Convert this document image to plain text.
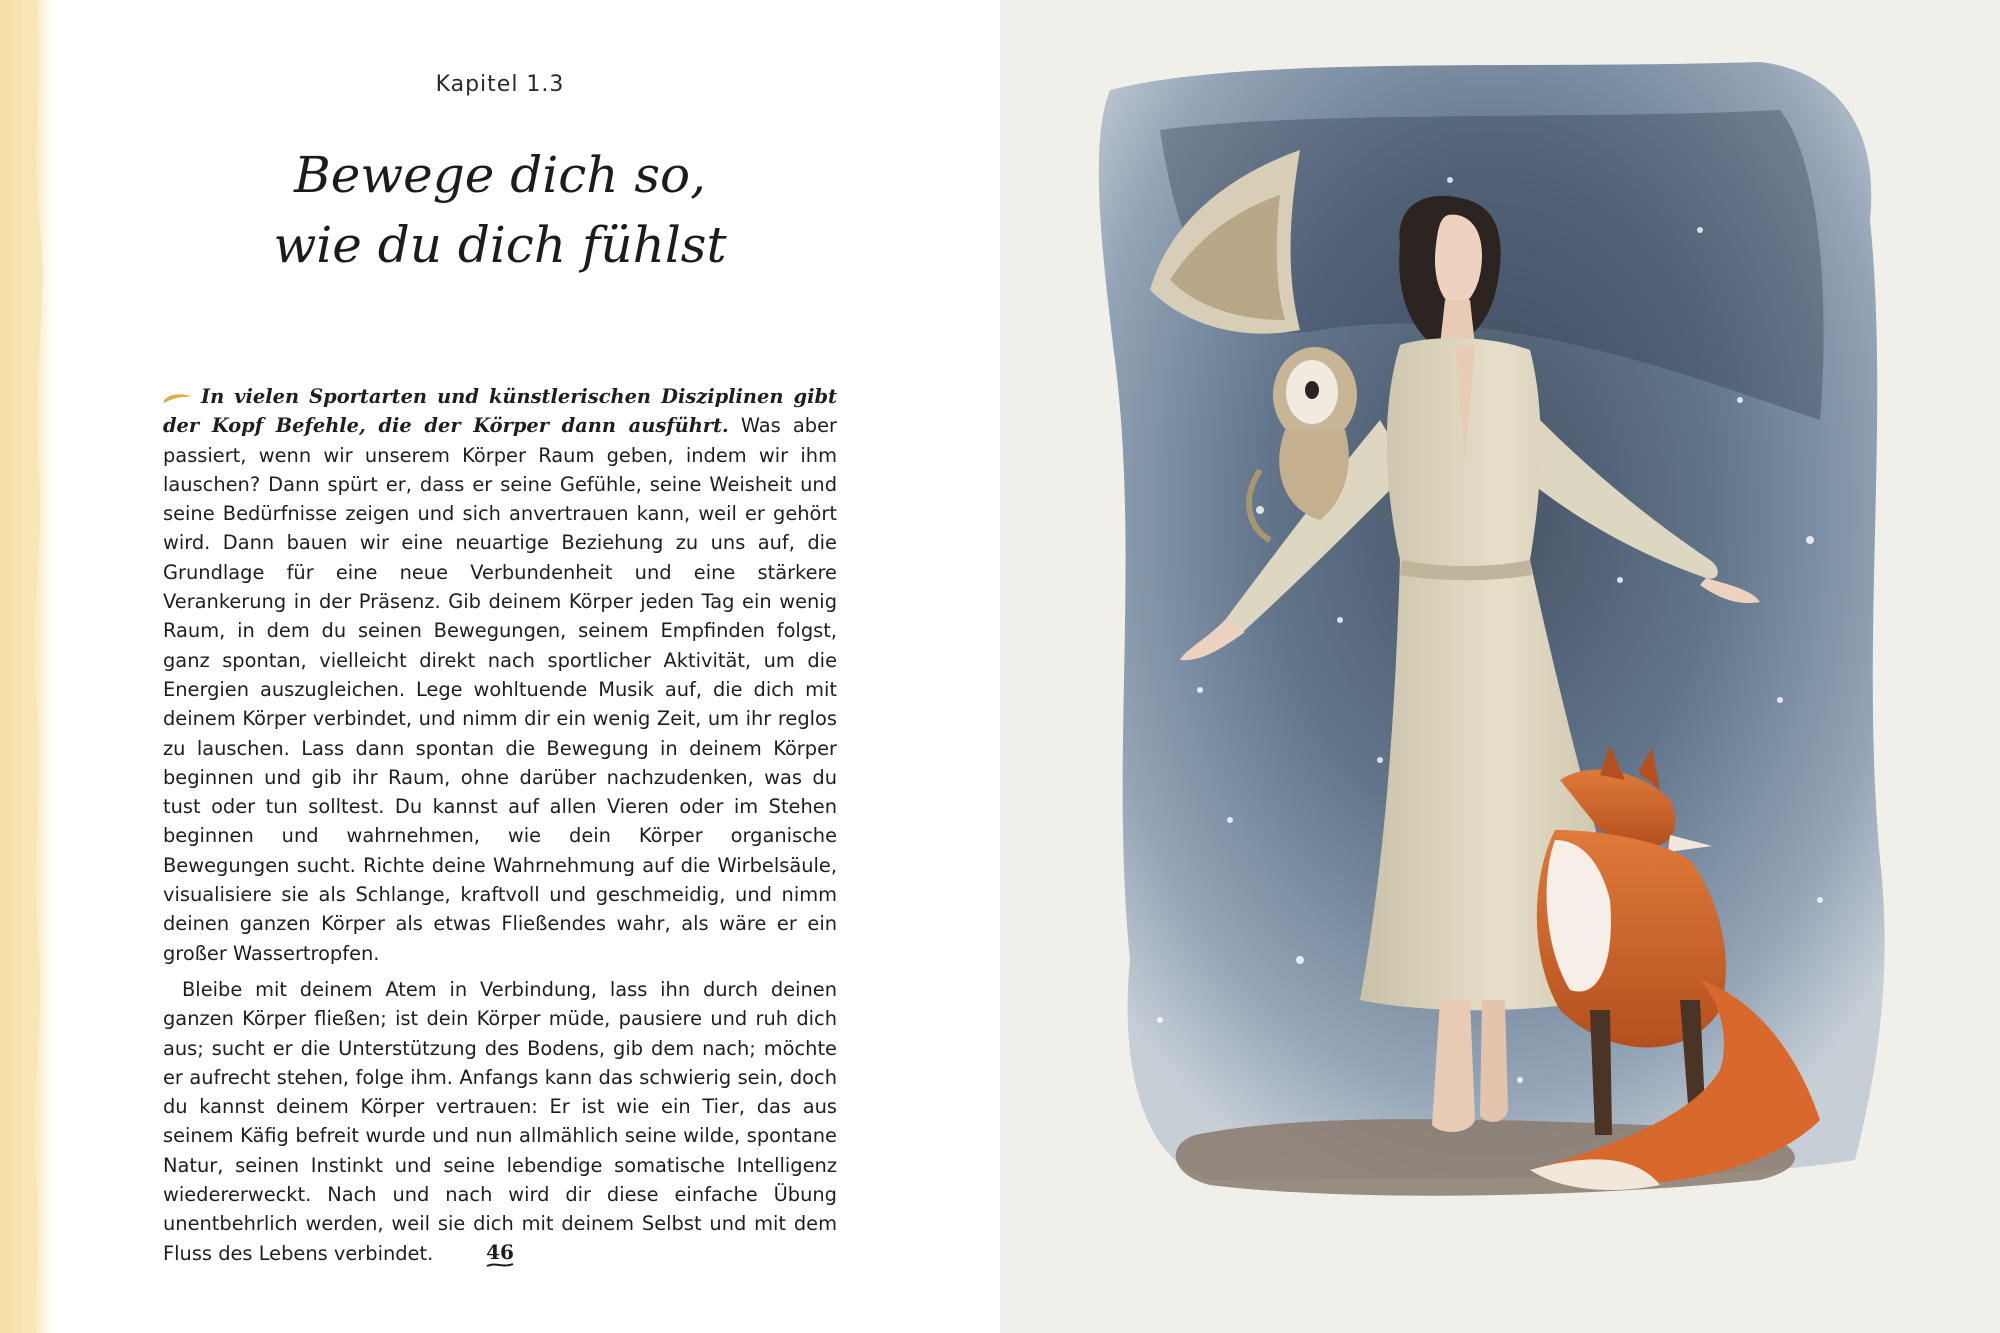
Kapitel 1.3
Bewege dich so,
wie du dich fühlst

In vielen Sportarten und künstlerischen Disziplinen gibt der Kopf Befehle, die der Körper dann ausführt. Was aber passiert, wenn wir unserem Körper Raum geben, indem wir ihm lauschen? Dann spürt er, dass er seine Gefühle, seine Weisheit und seine Bedürfnisse zeigen und sich anvertrauen kann, weil er gehört wird. Dann bauen wir eine neuartige Beziehung zu uns auf, die Grundlage für eine neue Verbundenheit und eine stärkere Verankerung in der Präsenz. Gib deinem Körper jeden Tag ein wenig Raum, in dem du seinen Bewegungen, seinem Empfinden folgst, ganz spontan, vielleicht direkt nach sportlicher Aktivität, um die Energien auszugleichen. Lege wohltuende Musik auf, die dich mit deinem Körper verbindet, und nimm dir ein wenig Zeit, um ihr reglos zu lauschen. Lass dann spontan die Bewegung in deinem Körper beginnen und gib ihr Raum, ohne darüber nachzudenken, was du tust oder tun solltest. Du kannst auf allen Vieren oder im Stehen beginnen und wahrnehmen, wie dein Körper organische Bewegungen sucht. Richte deine Wahrnehmung auf die Wirbelsäule, visualisiere sie als Schlange, kraftvoll und geschmeidig, und nimm deinen ganzen Körper als etwas Fließendes wahr, als wäre er ein großer Wassertropfen.

Bleibe mit deinem Atem in Verbindung, lass ihn durch deinen ganzen Körper fließen; ist dein Körper müde, pausiere und ruh dich aus; sucht er die Unterstützung des Bodens, gib dem nach; möchte er aufrecht stehen, folge ihm. Anfangs kann das schwierig sein, doch du kannst deinem Körper vertrauen: Er ist wie ein Tier, das aus seinem Käfig befreit wurde und nun allmählich seine wilde, spontane Natur, seinen Instinkt und seine lebendige somatische Intelligenz wiedererweckt. Nach und nach wird dir diese einfache Übung unentbehrlich werden, weil sie dich mit deinem Selbst und mit dem Fluss des Lebens verbindet.	46
